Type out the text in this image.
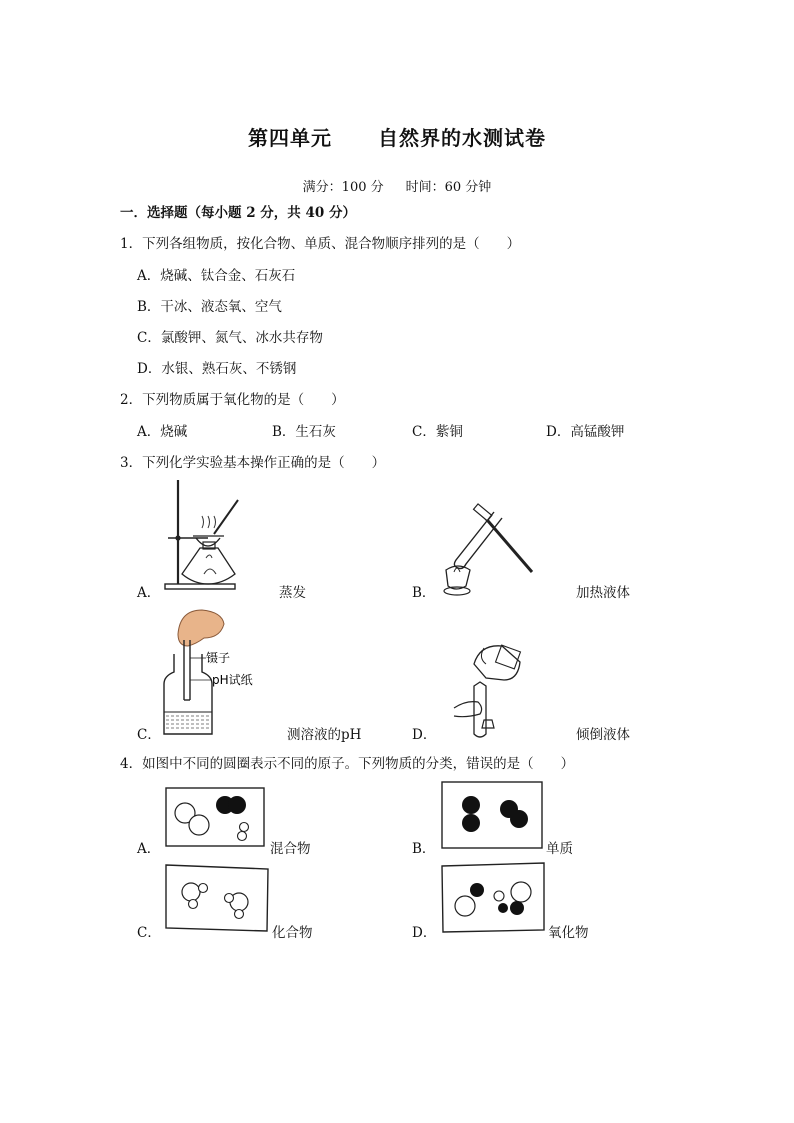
第四单元 自然界的水测试卷
满分：100 分 时间：60 分钟
一．选择题（每小题 2 分，共 40 分）
1．下列各组物质，按化合物、单质、混合物顺序排列的是（　　）
A．烧碱、钛合金、石灰石
B．干冰、液态氧、空气
C．氯酸钾、氮气、冰水共存物
D．水银、熟石灰、不锈钢
2．下列物质属于氧化物的是（　　）
A．烧碱	B．生石灰	C．紫铜	D．高锰酸钾
3．下列化学实验基本操作正确的是（　　）
A．	蒸发	B．	加热液体
C．
镊子
pH试纸
测溶液的pH	D．	倾倒液体
4．如图中不同的圆圈表示不同的原子。下列物质的分类，错误的是（　　）
A．	混合物	B．	单质
C．	化合物	D．	氧化物
